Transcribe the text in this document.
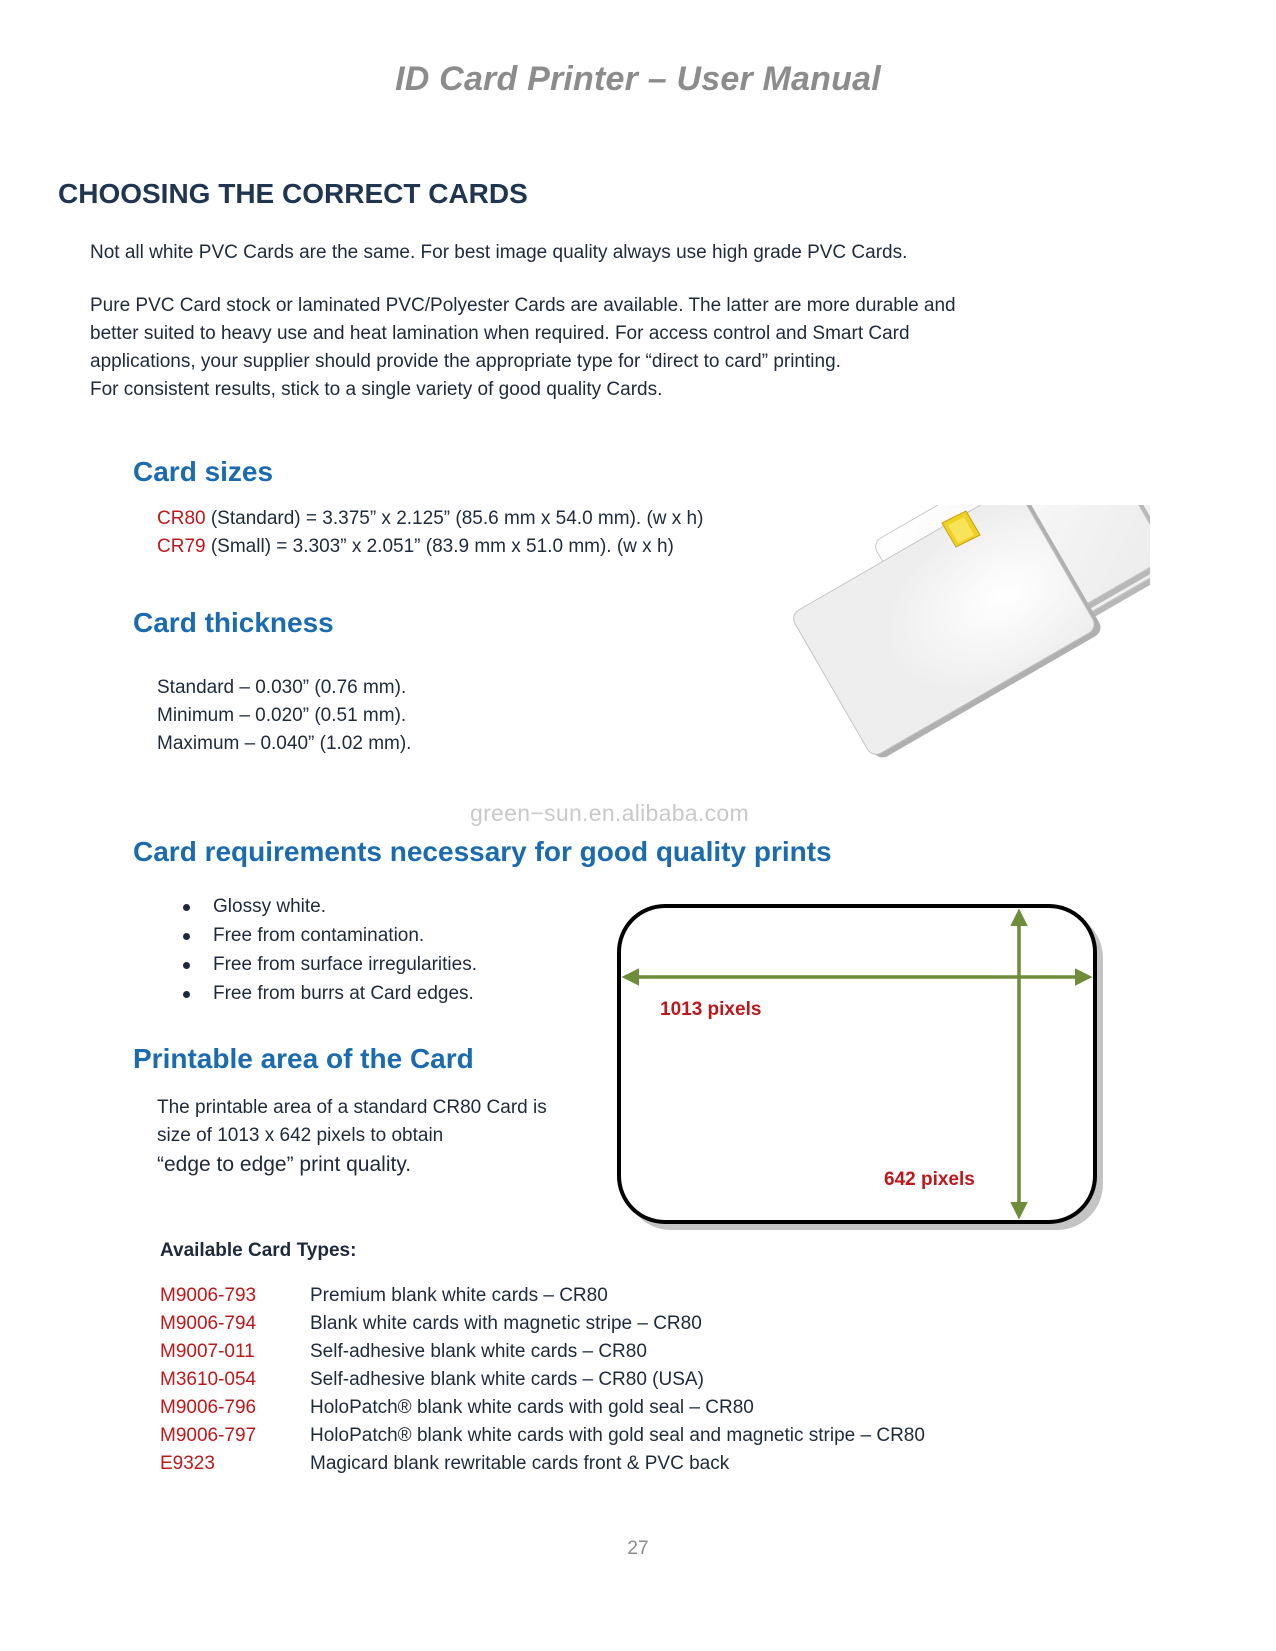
ID Card Printer – User Manual
CHOOSING THE CORRECT CARDS

Not all white PVC Cards are the same. For best image quality always use high grade PVC Cards.

Pure PVC Card stock or laminated PVC/Polyester Cards are available. The latter are more durable and

better suited to heavy use and heat lamination when required. For access control and Smart Card

applications, your supplier should provide the appropriate type for “direct to card” printing.

For consistent results, stick to a single variety of good quality Cards.

Card sizes
CR80 (Standard) = 3.375” x 2.125” (85.6 mm x 54.0 mm). (w x h)
CR79 (Small) = 3.303” x 2.051” (83.9 mm x 51.0 mm). (w x h)
Card thickness
Standard – 0.030” (0.76 mm).
Minimum – 0.020” (0.51 mm).
Maximum – 0.040” (1.02 mm).
green−sun.en.alibaba.com
Card requirements necessary for good quality prints
Glossy white.
Free from contamination.
Free from surface irregularities.
Free from burrs at Card edges.
1013 pixels
642 pixels
Printable area of the Card
The printable area of a standard CR80 Card is
size of 1013 x 642 pixels to obtain
“edge to edge” print quality.
Available Card Types:
M9006-793	Premium blank white cards – CR80
M9006-794	Blank white cards with magnetic stripe – CR80
M9007-011	Self-adhesive blank white cards – CR80
M3610-054	Self-adhesive blank white cards – CR80 (USA)
M9006-796	HoloPatch® blank white cards with gold seal – CR80
M9006-797	HoloPatch® blank white cards with gold seal and magnetic stripe – CR80
E9323	Magicard blank rewritable cards front & PVC back
27
